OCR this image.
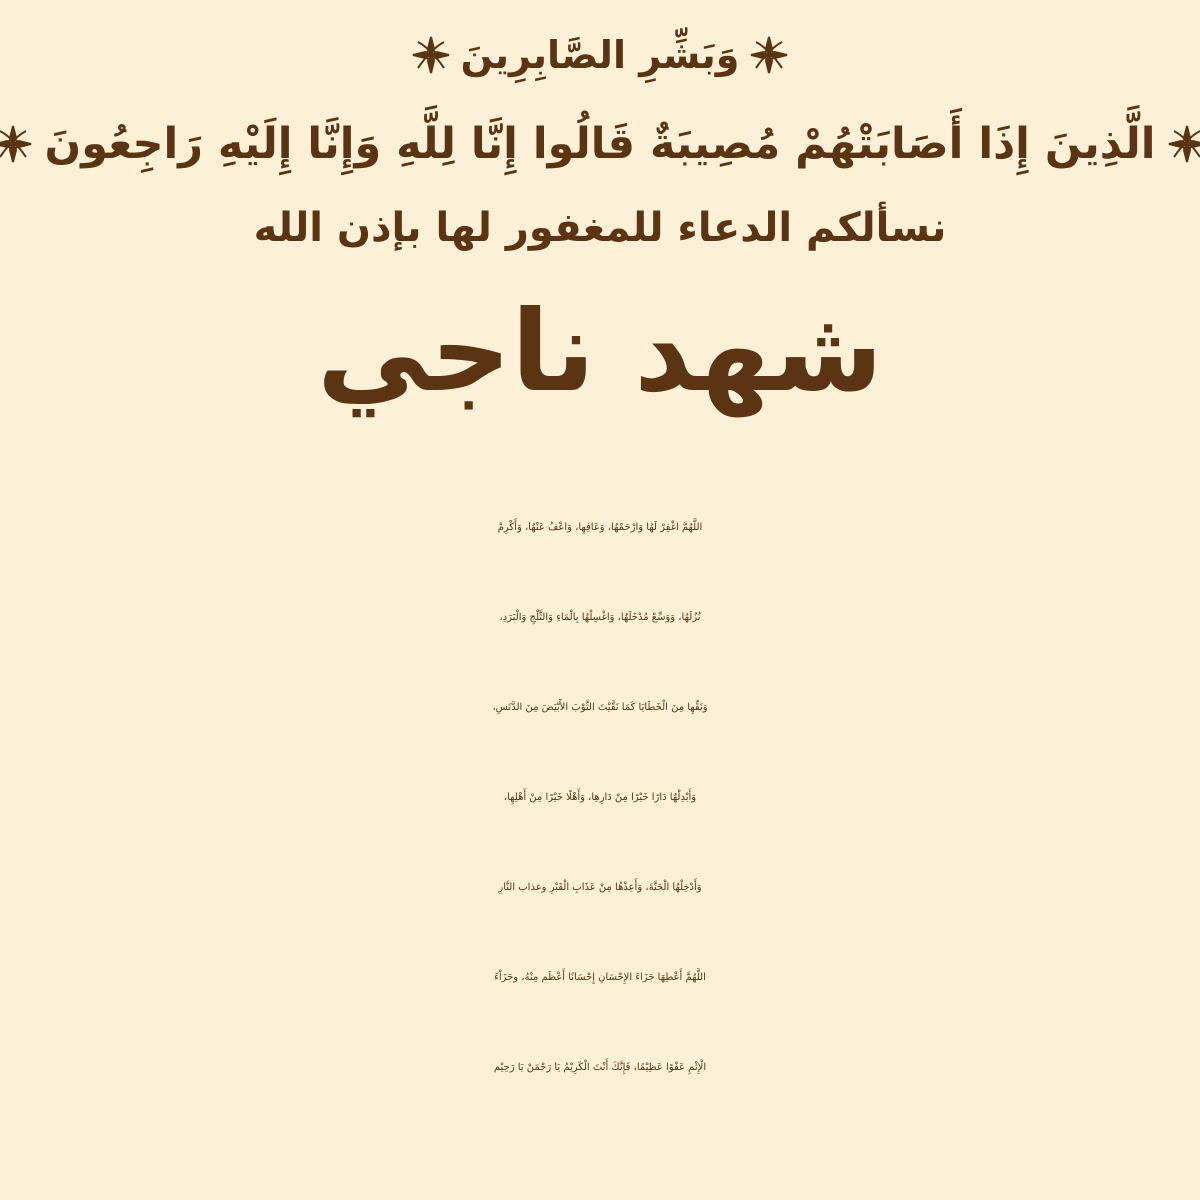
وَبَشِّرِ الصَّابِرِينَ
الَّذِينَ إِذَا أَصَابَتْهُمْ مُصِيبَةٌ قَالُوا إِنَّا لِلَّهِ وَإِنَّا إِلَيْهِ رَاجِعُونَ
نسألكم الدعاء للمغفور لها بإذن الله
شهد ناجي
اللَّهُمَّ اغْفِرْ لَهُا وَارْحَمْهُا، وَعَافِهِا، وَاعْفُ عَنْهُا، وَأَكْرِمْ
نُزُلَهُا، وَوَسِّعْ مُدْخَلَهُا، وَاغْسِلْهُا بِالْمَاءِ وَالثَّلْجِ وَالْبَرَدِ،
وَنَقِّهِا مِنَ الْخَطَايَا كَمَا نَقَّيْتَ الثَّوْبَ الأَبْيَضَ مِنَ الدَّنَسِ،
وَأَبْدِلْهُا دَارًا خَيْرًا مِنْ دَارِهِا، وَأَهْلًا خَيْرًا مِنْ أَهْلِهِا،
وَأَدْخِلْهُا الْجَنَّةَ، وَأَعِذْهُا مِنْ عَذَابِ الْقَبْرِ وعذاب النَّارِ
اللَّهُمَّ أَعْطِهَا جَزَاءَ الإِحْسَانِ إِحْسَانًا أَعْظَم مِنْهُ، وجَزَاْءَ
الْإِثْمِ عَفْوًا عَظِيْمًا، فَإِنَّكَ أَنْتَ الْكَرِيْمُ يَا رَحْمَنْ يَا رَحِيْم
